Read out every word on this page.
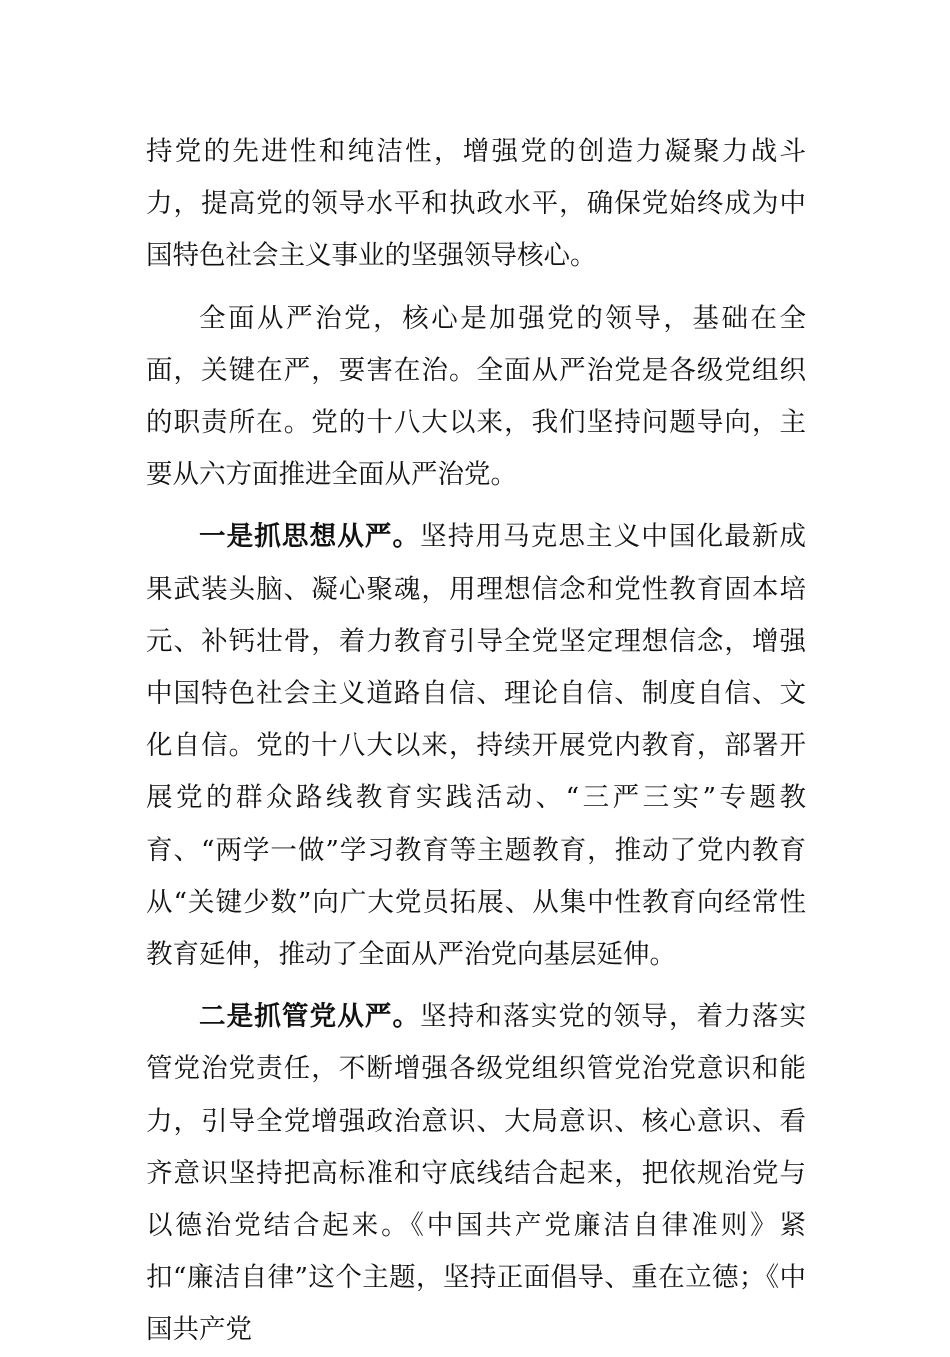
持党的先进性和纯洁性，增强党的创造力凝聚力战斗力，提高党的领导水平和执政水平，确保党始终成为中国特色社会主义事业的坚强领导核心。

全面从严治党，核心是加强党的领导，基础在全面，关键在严，要害在治。全面从严治党是各级党组织的职责所在。党的十八大以来，我们坚持问题导向，主要从六方面推进全面从严治党。

一是抓思想从严。坚持用马克思主义中国化最新成果武装头脑、凝心聚魂，用理想信念和党性教育固本培元、补钙壮骨，着力教育引导全党坚定理想信念，增强中国特色社会主义道路自信、理论自信、制度自信、文化自信。党的十八大以来，持续开展党内教育，部署开展党的群众路线教育实践活动、“三严三实”专题教育、“两学一做”学习教育等主题教育，推动了党内教育从“关键少数”向广大党员拓展、从集中性教育向经常性教育延伸，推动了全面从严治党向基层延伸。

二是抓管党从严。坚持和落实党的领导，着力落实管党治党责任，不断增强各级党组织管党治党意识和能力，引导全党增强政治意识、大局意识、核心意识、看齐意识坚持把高标准和守底线结合起来，把依规治党与以德治党结合起来。《中国共产党廉洁自律准则》紧扣“廉洁自律”这个主题，坚持正面倡导、重在立德；《中国共产党
